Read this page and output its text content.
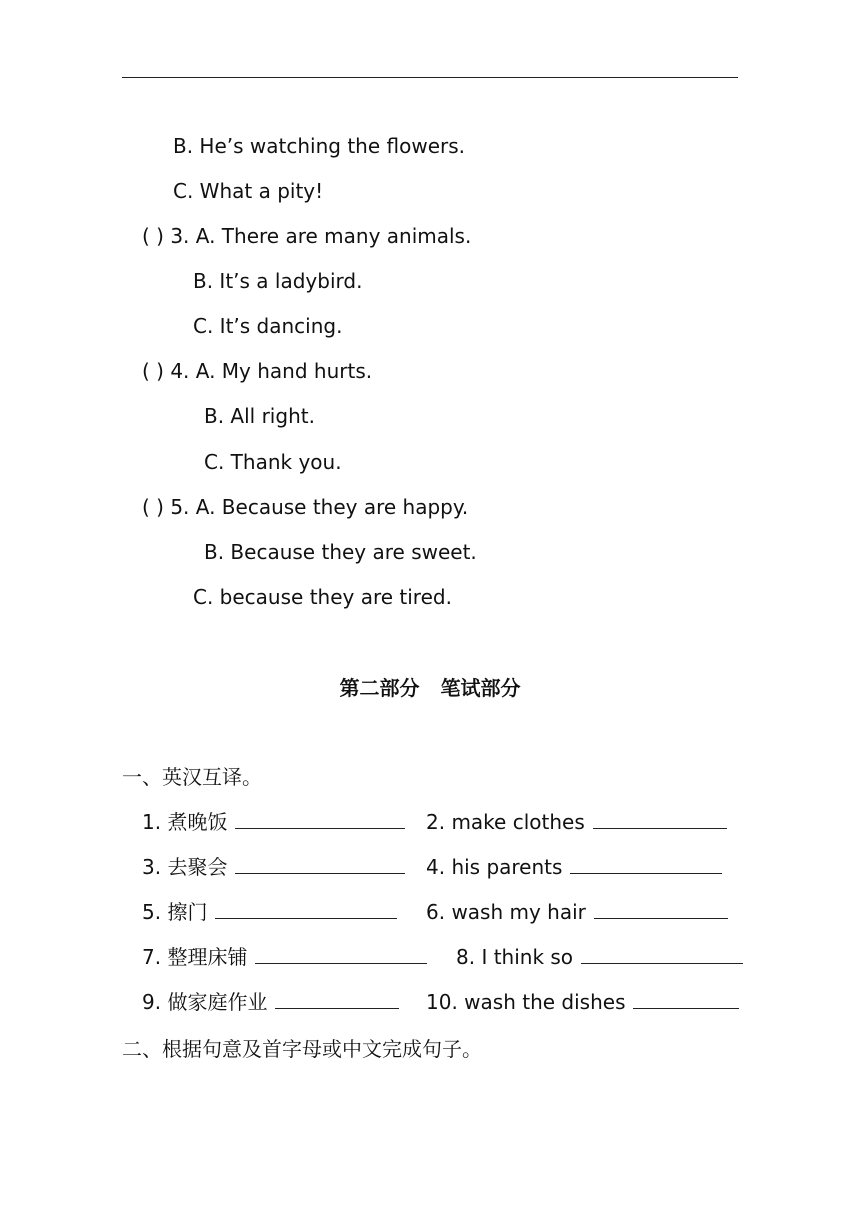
B. He’s watching the flowers.
C. What a pity!
( ) 3. A. There are many animals.
B. It’s a ladybird.
C. It’s dancing.
( ) 4. A. My hand hurts.
B. All right.
C. Thank you.
( ) 5. A. Because they are happy.
B. Because they are sweet.
C. because they are tired.
第二部分 笔试部分
一、英汉互译。
1. 煮晚饭	2. make clothes
3. 去聚会	4. his parents
5. 擦门	6. wash my hair
7. 整理床铺	8. I think so
9. 做家庭作业	10. wash the dishes
二、根据句意及首字母或中文完成句子。
